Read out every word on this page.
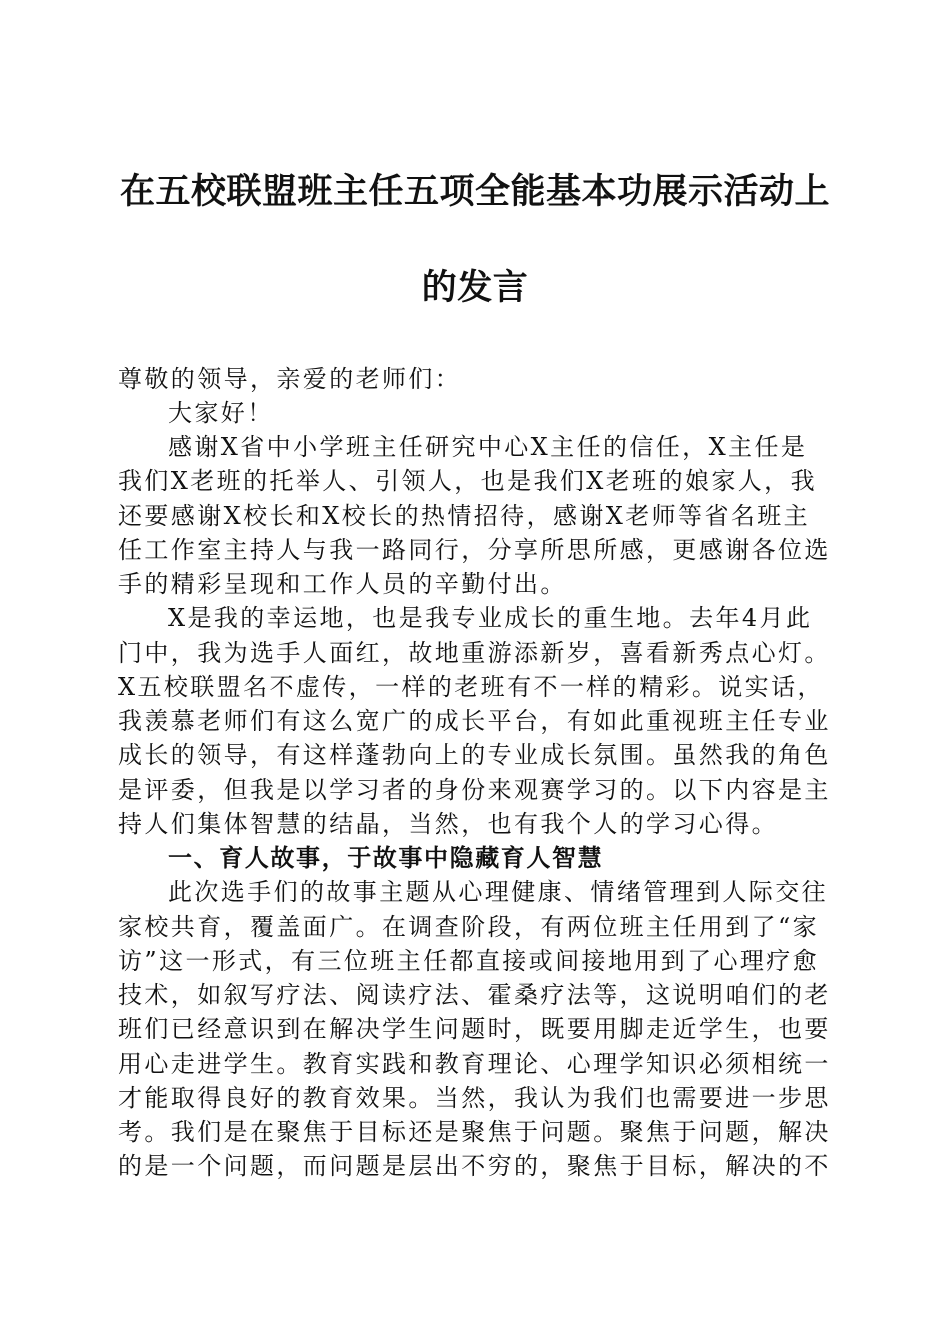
在五校联盟班主任五项全能基本功展示活动上
的发言
尊敬的领导，亲爱的老师们：
大家好！
感谢X省中小学班主任研究中心X主任的信任，X主任是
我们X老班的托举人、引领人，也是我们X老班的娘家人，我
还要感谢X校长和X校长的热情招待，感谢X老师等省名班主
任工作室主持人与我一路同行，分享所思所感，更感谢各位选
手的精彩呈现和工作人员的辛勤付出。
X是我的幸运地，也是我专业成长的重生地。去年4月此
门中，我为选手人面红，故地重游添新岁，喜看新秀点心灯。
X五校联盟名不虚传，一样的老班有不一样的精彩。说实话，
我羡慕老师们有这么宽广的成长平台，有如此重视班主任专业
成长的领导，有这样蓬勃向上的专业成长氛围。虽然我的角色
是评委，但我是以学习者的身份来观赛学习的。以下内容是主
持人们集体智慧的结晶，当然，也有我个人的学习心得。
一、育人故事，于故事中隐藏育人智慧
此次选手们的故事主题从心理健康、情绪管理到人际交往
家校共育，覆盖面广。在调查阶段，有两位班主任用到了“家
访”这一形式，有三位班主任都直接或间接地用到了心理疗愈
技术，如叙写疗法、阅读疗法、霍桑疗法等，这说明咱们的老
班们已经意识到在解决学生问题时，既要用脚走近学生，也要
用心走进学生。教育实践和教育理论、心理学知识必须相统一
才能取得良好的教育效果。当然，我认为我们也需要进一步思
考。我们是在聚焦于目标还是聚焦于问题。聚焦于问题，解决
的是一个问题，而问题是层出不穷的，聚焦于目标，解决的不
